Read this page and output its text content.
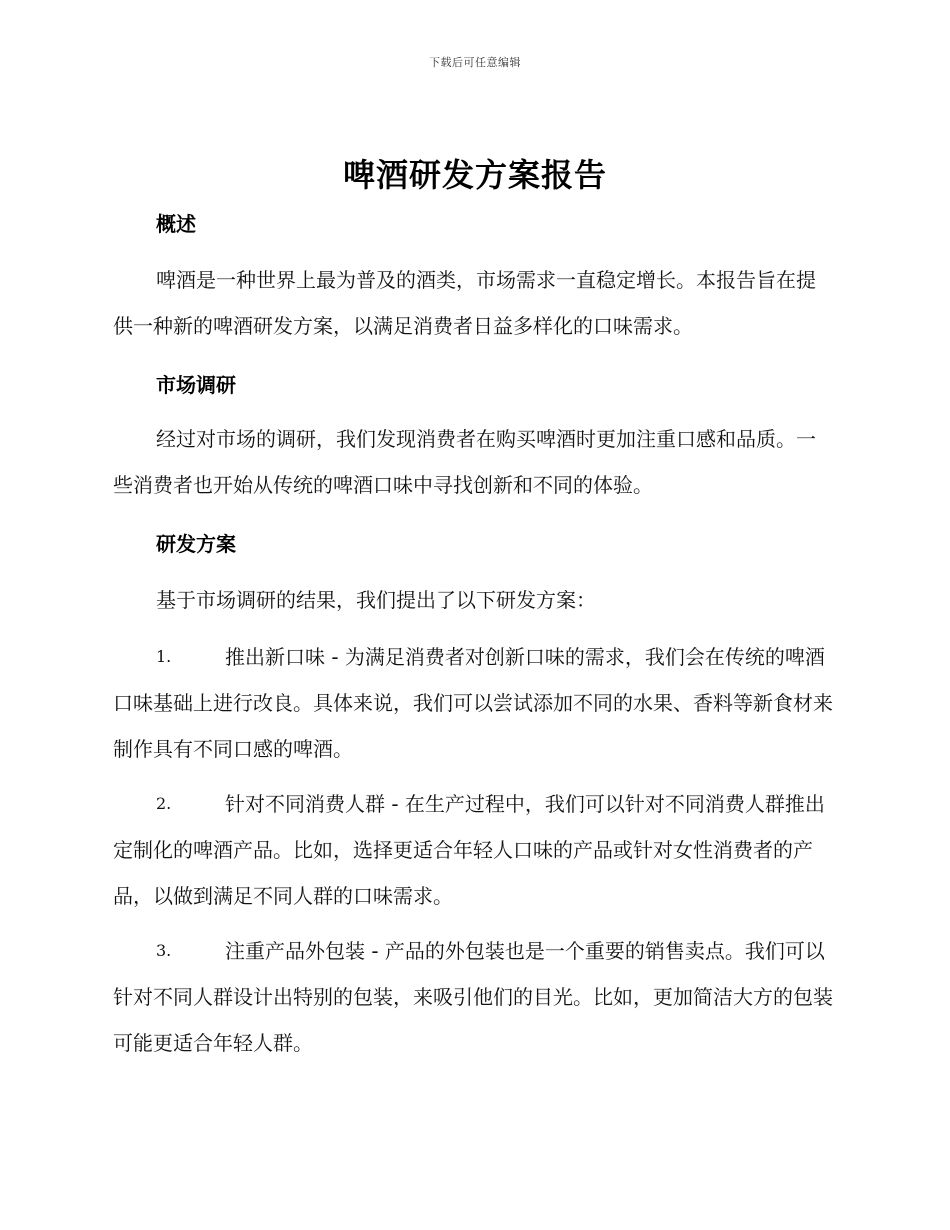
下载后可任意编辑
啤酒研发方案报告
概述

啤酒是一种世界上最为普及的酒类，市场需求一直稳定增长。本报告旨在提供一种新的啤酒研发方案，以满足消费者日益多样化的口味需求。

市场调研

经过对市场的调研，我们发现消费者在购买啤酒时更加注重口感和品质。一些消费者也开始从传统的啤酒口味中寻找创新和不同的体验。

研发方案

基于市场调研的结果，我们提出了以下研发方案：

1.	推出新口味 - 为满足消费者对创新口味的需求，我们会在传统的啤酒口味基础上进行改良。具体来说，我们可以尝试添加不同的水果、香料等新食材来制作具有不同口感的啤酒。

2.	针对不同消费人群 - 在生产过程中，我们可以针对不同消费人群推出定制化的啤酒产品。比如，选择更适合年轻人口味的产品或针对女性消费者的产品，以做到满足不同人群的口味需求。

3.	注重产品外包装 - 产品的外包装也是一个重要的销售卖点。我们可以针对不同人群设计出特别的包装，来吸引他们的目光。比如，更加简洁大方的包装可能更适合年轻人群。
